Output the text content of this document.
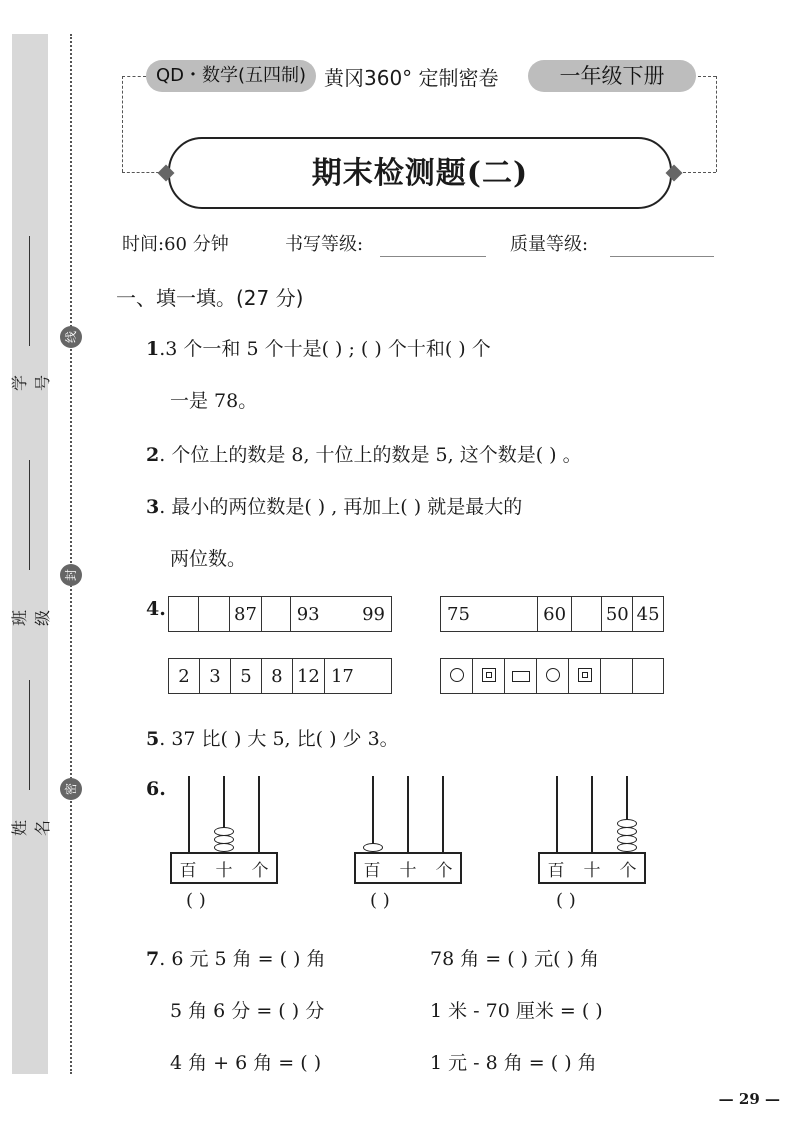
学号
班级
姓名
线
封
密
QD・数学(五四制) 黄冈360° 定制密卷	一年级下册
期末检测题(二)
时间:60 分钟	书写等级:	质量等级:
一、填一填。(27 分)
1.3 个一和 5 个十是( ) ; ( ) 个十和( ) 个
一是 78。
2. 个位上的数是 8, 十位上的数是 5, 这个数是( ) 。
3. 最小的两位数是( ) , 再加上( ) 就是最大的
两位数。
4.
			87		93	99	75		60		50	45
2	3	5	8	12	17

5. 37 比( ) 大 5, 比( ) 少 3。
6.
百 十 个
( )
百 十 个
( )
百 十 个
( )
7. 6 元 5 角 = ( ) 角	78 角 = ( ) 元( ) 角
5 角 6 分 = ( ) 分	1 米 - 70 厘米 = ( )
4 角 + 6 角 = ( )	1 元 - 8 角 = ( ) 角
— 29 —
